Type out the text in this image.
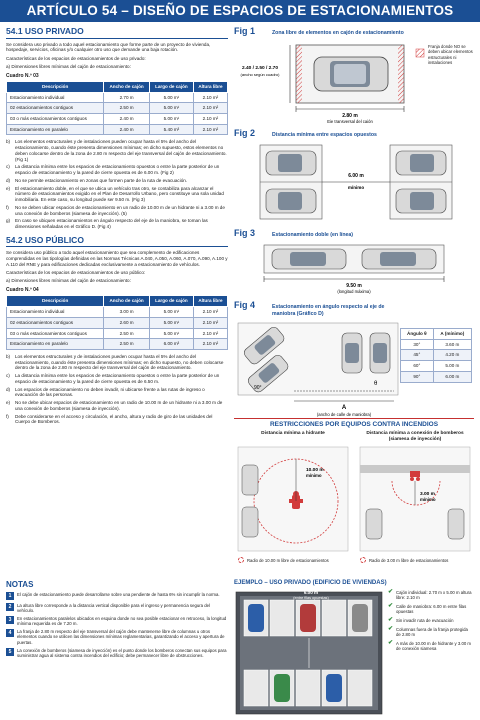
ARTÍCULO 54 – DISEÑO DE ESPACIOS DE ESTACIONAMIENTOS
54.1 USO PRIVADO

Se considera uso privado a todo aquel estacionamiento que forme parte de un proyecto de vivienda, hospedaje, servicios, oficinas y/o cualquier otro uso que demande una baja rotación.

Características de los espacios de estacionamientos de uso privado:

a) Dimensiones libres mínimas del cajón de estacionamiento:

Cuadro N.º 03
Descripción	Ancho de cajón	Largo de cajón	Altura libre
Estacionamiento individual	2.70 m	5.00 m¹	2.10 m²
02 estacionamientos contiguos	2.50 m	5.00 m¹	2.10 m²
03 o más estacionamientos contiguos	2.40 m	5.00 m¹	2.10 m²
Estacionamiento en paralelo	2.40 m	5.40 m³	2.10 m²
b)	Los elementos estructurales y de instalaciones pueden ocupar hasta el 5% del ancho del estacionamiento, cuando éste presenta dimensiones mínimas; en dicho supuesto, estos elementos no deben colocarse dentro de la zona de 2.80 m respecto del eje transversal del cajón de estacionamiento. (Fig 1)
c)	La distancia mínima entre los espacios de estacionamiento opuestos o entre la parte posterior de un espacio de estacionamiento y la pared de cierre opuesta es de 6.00 m. (Fig 2)
d)	No se permite estacionamiento en zonas que formen parte de la ruta de evacuación.
e)	El estacionamiento doble, en el que se ubica un vehículo tras otro, se contabiliza para alcanzar el número de estacionamientos exigido en el Plan de Desarrollo Urbano, pero constituye una sola unidad inmobiliaria. En este caso, su longitud puede ser 9.50 m. (Fig 3)
f)	No se deben ubicar espacios de estacionamiento en un radio de 10.00 m de un hidrante ni a 3.00 m de una conexión de bomberos (siamesa de inyección). (5)
g)	En caso se ubiquen estacionamientos en ángulo respecto del eje de la maniobra, se toman las dimensiones señaladas en el Gráfico D. (Fig 4)
54.2 USO PÚBLICO

Se considera uso público a todo aquel estacionamiento que sea complemento de edificaciones comprendidas en las tipologías definidas en las Normas Técnicas A.040, A.050, A.060, A.070, A.090, A.100 y A.110 del RNE y para edificaciones dedicadas exclusivamente a estacionamiento de vehículos.

Características de los espacios de estacionamientos de uso público:

a) Dimensiones libres mínimas del cajón de estacionamiento:

Cuadro N.º 04
Descripción	Ancho de cajón	Largo de cajón	Altura libre
Estacionamiento individual	3.00 m	5.00 m¹	2.10 m²
02 estacionamientos contiguos	2.60 m	5.00 m¹	2.10 m²
03 o más estacionamientos contiguos	2.50 m	5.00 m¹	2.10 m²
Estacionamiento en paralelo	2.50 m	6.00 m³	2.10 m²
b)	Los elementos estructurales y de instalaciones pueden ocupar hasta el 5% del ancho del estacionamiento, cuando éste presenta dimensiones mínimas; en dicho supuesto, no deben colocarse dentro de la zona de 2.80 m respecto del eje transversal del cajón de estacionamiento.
c)	La distancia mínima entre los espacios de estacionamiento opuestos o entre la parte posterior de un espacio de estacionamiento y la pared de cierre opuesta es de 6.50 m.
d)	Los espacios de estacionamiento no deben invadir, ni ubicarse frente a las rutas de ingreso o evacuación de las personas.
e)	No se debe ubicar espacios de estacionamiento en un radio de 10.00 m de un hidrante ni a 3.00 m de una conexión de bomberos (siamesa de inyección).
f)	Debe considerarse en el acceso y circulación, el ancho, altura y radio de giro de las unidades del Cuerpo de Bomberos.
Fig 1	Zona libre de elementos en cajón de estacionamiento
2.80 m
Eje transversal del cajón
2.40 / 2.50 / 2.70
(ancho según cuadro)
Franja donde NO se deben ubicar elementos estructurales ni instalaciones
Fig 2	Distancia mínima entre espacios opuestos
6.00 m
mínimo
Fig 3	Estacionamiento doble (en línea)
9.50 m
(longitud máxima)
Fig 4	Estacionamiento en ángulo respecto al eje de maniobra (Gráfico D)
90°
θ
A
(ancho de calle de maniobra)
Ángulo θ	A (mínimo)
30°	3.60 m
45°	4.20 m
60°	5.00 m
90°	6.00 m
RESTRICCIONES POR EQUIPOS CONTRA INCENDIOS
Distancia mínima a hidrante	Distancia mínima a conexión de bomberos (siamesa de inyección)
10.00 m
mínimo
3.00 m
mínimo
Radio de 10.00 m libre de estacionamientos	Radio de 3.00 m libre de estacionamientos
NOTAS
1	El cajón de estacionamiento puede desarrollarse sobre una pendiente de hasta 6% sin incumplir la norma.
2	La altura libre corresponde a la distancia vertical disponible para el ingreso y permanencia segura del vehículo.
3	En estacionamientos paralelos ubicados en esquina donde no sea posible estacionar en retroceso, la longitud mínima requerida es de 7.20 m.
4	La franja de 2.80 m respecto del eje transversal del cajón debe mantenerse libre de columnas u otros elementos cuando se utilicen las dimensiones mínimas reglamentarias, garantizando el acceso y apertura de puertas.
5	La conexión de bomberos (siamesa de inyección) es el punto donde los bomberos conectan sus equipos para suministrar agua al sistema contra incendios del edificio; debe permanecer libre de obstrucciones.
EJEMPLO – USO PRIVADO (EDIFICIO DE VIVIENDAS)
✔ Cajón individual: 2.70 m x 5.00 m altura libre: 2.10 m
✔ Calle de maniobra: 6.00 m entre filas opuestas
✔ Sin invadir ruta de evacuación
✔ Columnas fuera de la franja protegida de 2.80 m
✔ A más de 10.00 m de hidrante y 3.00 m de conexión siamesa
6.00 m
(entre filas opuestas)
